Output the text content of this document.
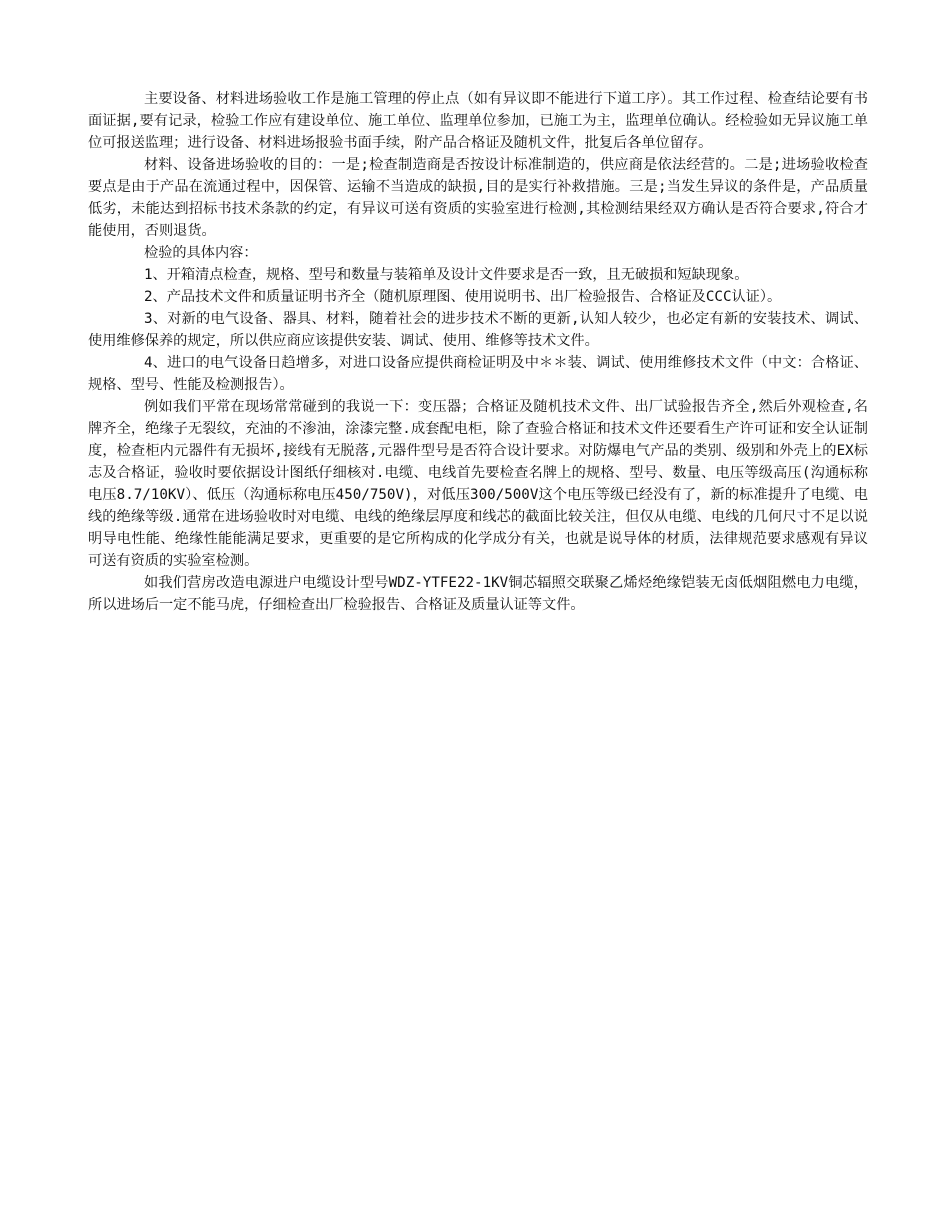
主要设备、材料进场验收工作是施工管理的停止点（如有异议即不能进行下道工序）。其工作过程、检查结论要有书面证据,要有记录，检验工作应有建设单位、施工单位、监理单位参加，已施工为主，监理单位确认。经检验如无异议施工单位可报送监理；进行设备、材料进场报验书面手续，附产品合格证及随机文件，批复后各单位留存。

材料、设备进场验收的目的：一是;检查制造商是否按设计标准制造的，供应商是依法经营的。二是;进场验收检查要点是由于产品在流通过程中，因保管、运输不当造成的缺损,目的是实行补救措施。三是;当发生异议的条件是，产品质量低劣，未能达到招标书技术条款的约定，有异议可送有资质的实验室进行检测,其检测结果经双方确认是否符合要求,符合才能使用，否则退货。

检验的具体内容：

1、开箱清点检查，规格、型号和数量与装箱单及设计文件要求是否一致，且无破损和短缺现象。

2、产品技术文件和质量证明书齐全（随机原理图、使用说明书、出厂检验报告、合格证及CCC认证）。

3、对新的电气设备、器具、材料，随着社会的进步技术不断的更新,认知人较少，也必定有新的安装技术、调试、使用维修保养的规定，所以供应商应该提供安装、调试、使用、维修等技术文件。

4、进口的电气设备日趋增多，对进口设备应提供商检证明及中＊＊装、调试、使用维修技术文件（中文：合格证、规格、型号、性能及检测报告）。

例如我们平常在现场常常碰到的我说一下：变压器；合格证及随机技术文件、出厂试验报告齐全,然后外观检查,名牌齐全，绝缘子无裂纹，充油的不渗油，涂漆完整.成套配电柜，除了查验合格证和技术文件还要看生产许可证和安全认证制度，检查柜内元器件有无损坏,接线有无脱落,元器件型号是否符合设计要求。对防爆电气产品的类别、级别和外壳上的EX标志及合格证，验收时要依据设计图纸仔细核对.电缆、电线首先要检查名牌上的规格、型号、数量、电压等级高压(沟通标称电压8.7/10KV）、低压（沟通标称电压450/750V)，对低压300/500V这个电压等级已经没有了，新的标准提升了电缆、电线的绝缘等级.通常在进场验收时对电缆、电线的绝缘层厚度和线芯的截面比较关注，但仅从电缆、电线的几何尺寸不足以说明导电性能、绝缘性能能满足要求，更重要的是它所构成的化学成分有关，也就是说导体的材质，法律规范要求感观有异议可送有资质的实验室检测。

如我们营房改造电源进户电缆设计型号WDZ-YTFE22-1KV铜芯辐照交联聚乙烯烃绝缘铠装无卤低烟阻燃电力电缆，所以进场后一定不能马虎，仔细检查出厂检验报告、合格证及质量认证等文件。
